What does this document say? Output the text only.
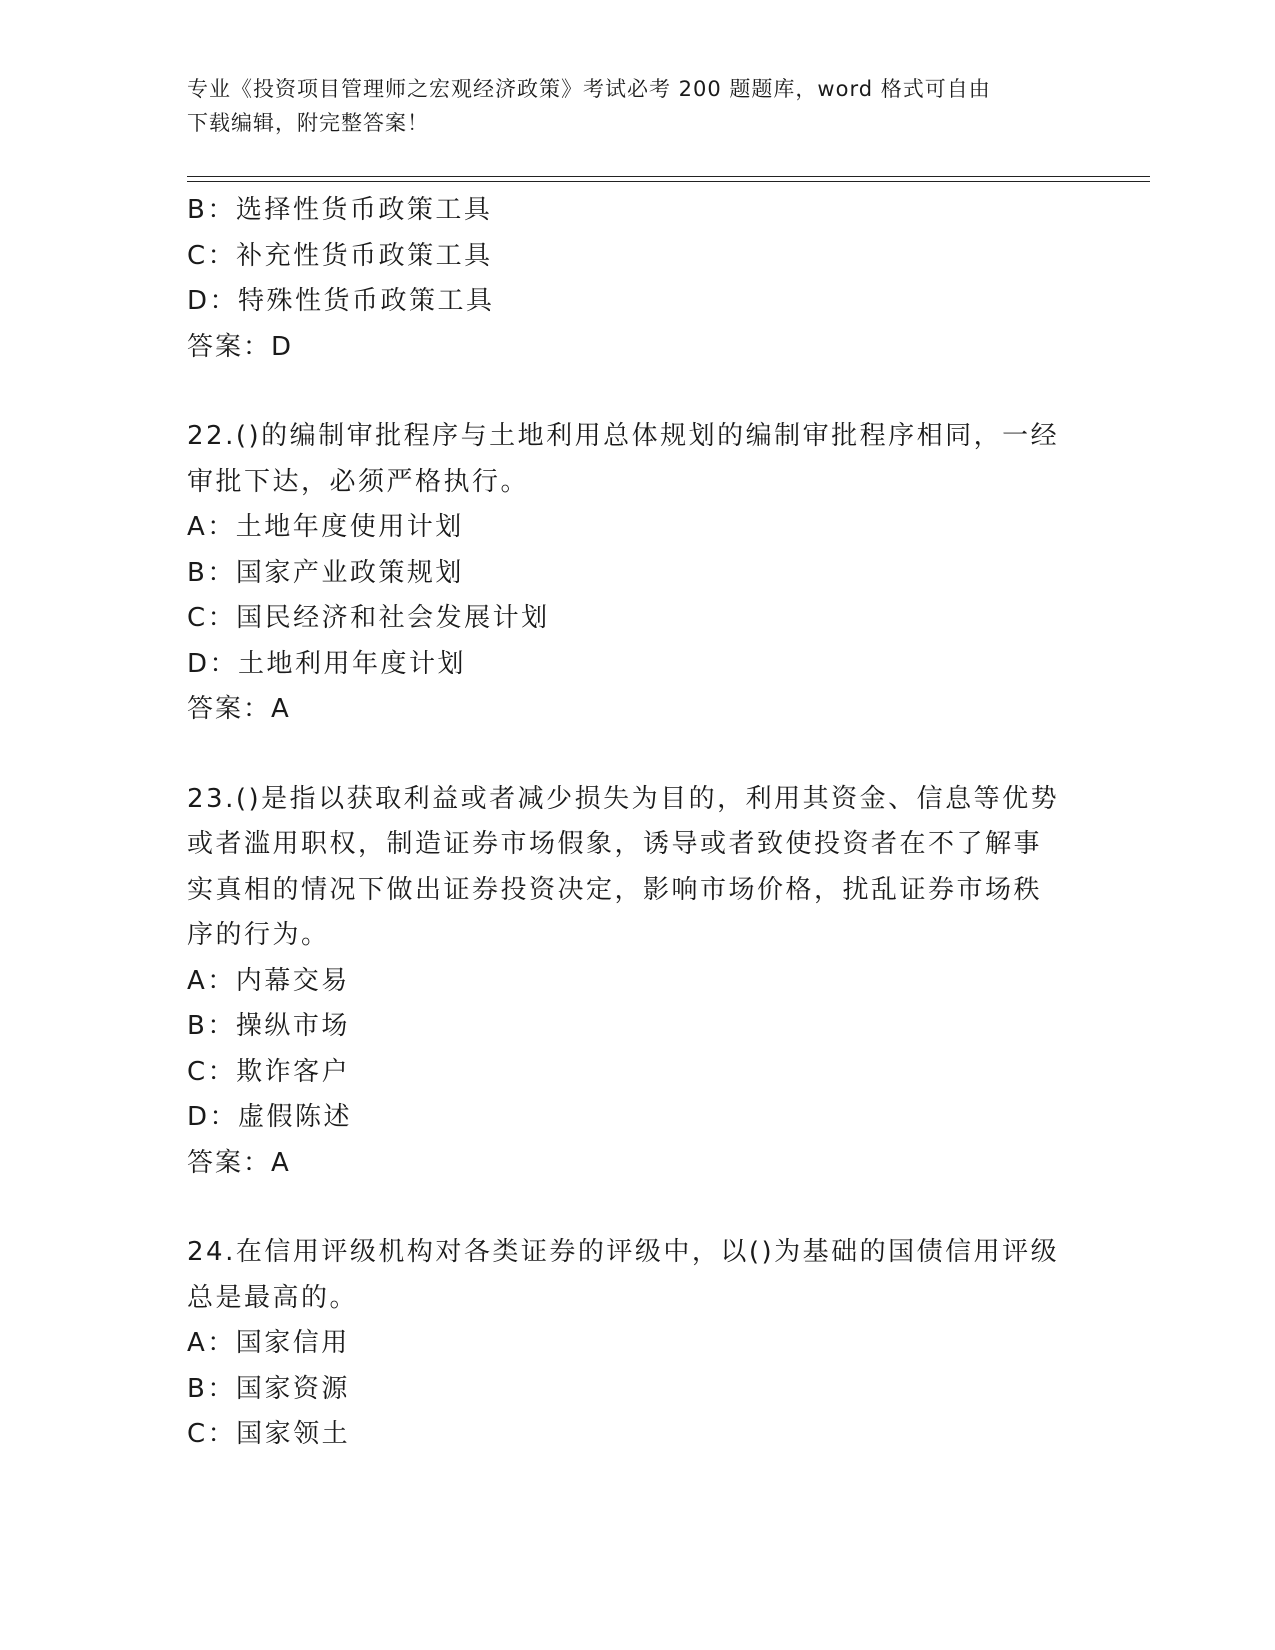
专业《投资项目管理师之宏观经济政策》考试必考 200 题题库，word 格式可自由
下载编辑，附完整答案！
B：选择性货币政策工具
C：补充性货币政策工具
D：特殊性货币政策工具
答案：D
22.()的编制审批程序与土地利用总体规划的编制审批程序相同，一经
审批下达，必须严格执行。
A：土地年度使用计划
B：国家产业政策规划
C：国民经济和社会发展计划
D：土地利用年度计划
答案：A
23.()是指以获取利益或者减少损失为目的，利用其资金、信息等优势
或者滥用职权，制造证券市场假象，诱导或者致使投资者在不了解事
实真相的情况下做出证券投资决定，影响市场价格，扰乱证券市场秩
序的行为。
A：内幕交易
B：操纵市场
C：欺诈客户
D：虚假陈述
答案：A
24.在信用评级机构对各类证券的评级中，以()为基础的国债信用评级
总是最高的。
A：国家信用
B：国家资源
C：国家领土
